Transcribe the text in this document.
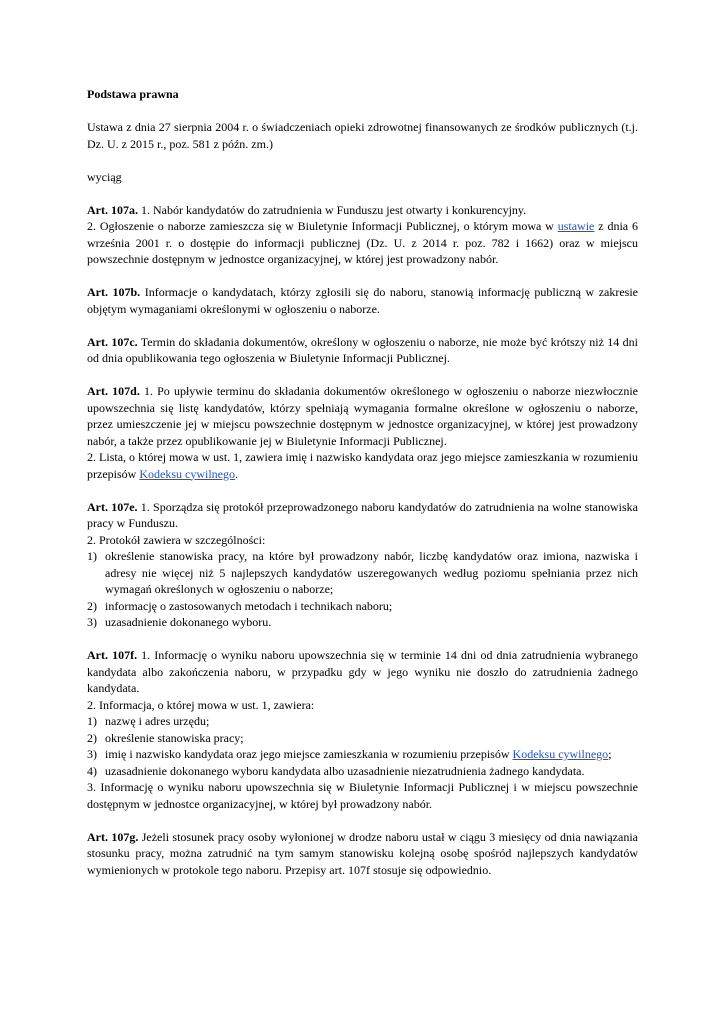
Podstawa prawna

Ustawa z dnia 27 sierpnia 2004 r. o świadczeniach opieki zdrowotnej finansowanych ze środków publicznych (t.j. Dz. U. z 2015 r., poz. 581 z późn. zm.)

wyciąg

Art. 107a. 1. Nabór kandydatów do zatrudnienia w Funduszu jest otwarty i konkurencyjny.

2. Ogłoszenie o naborze zamieszcza się w Biuletynie Informacji Publicznej, o którym mowa w ustawie z dnia 6 września 2001 r. o dostępie do informacji publicznej (Dz. U. z 2014 r. poz. 782 i 1662) oraz w miejscu powszechnie dostępnym w jednostce organizacyjnej, w której jest prowadzony nabór.

Art. 107b. Informacje o kandydatach, którzy zgłosili się do naboru, stanowią informację publiczną w zakresie objętym wymaganiami określonymi w ogłoszeniu o naborze.

Art. 107c. Termin do składania dokumentów, określony w ogłoszeniu o naborze, nie może być krótszy niż 14 dni od dnia opublikowania tego ogłoszenia w Biuletynie Informacji Publicznej.

Art. 107d. 1. Po upływie terminu do składania dokumentów określonego w ogłoszeniu o naborze niezwłocznie upowszechnia się listę kandydatów, którzy spełniają wymagania formalne określone w ogłoszeniu o naborze, przez umieszczenie jej w miejscu powszechnie dostępnym w jednostce organizacyjnej, w której jest prowadzony nabór, a także przez opublikowanie jej w Biuletynie Informacji Publicznej.

2. Lista, o której mowa w ust. 1, zawiera imię i nazwisko kandydata oraz jego miejsce zamieszkania w rozumieniu przepisów Kodeksu cywilnego.

Art. 107e. 1. Sporządza się protokół przeprowadzonego naboru kandydatów do zatrudnienia na wolne stanowiska pracy w Funduszu.

2. Protokół zawiera w szczególności:

1) określenie stanowiska pracy, na które był prowadzony nabór, liczbę kandydatów oraz imiona, nazwiska i adresy nie więcej niż 5 najlepszych kandydatów uszeregowanych według poziomu spełniania przez nich wymagań określonych w ogłoszeniu o naborze;
2) informację o zastosowanych metodach i technikach naboru;
3) uzasadnienie dokonanego wyboru.

Art. 107f. 1. Informację o wyniku naboru upowszechnia się w terminie 14 dni od dnia zatrudnienia wybranego kandydata albo zakończenia naboru, w przypadku gdy w jego wyniku nie doszło do zatrudnienia żadnego kandydata.

2. Informacja, o której mowa w ust. 1, zawiera:

1) nazwę i adres urzędu;
2) określenie stanowiska pracy;
3) imię i nazwisko kandydata oraz jego miejsce zamieszkania w rozumieniu przepisów Kodeksu cywilnego;
4) uzasadnienie dokonanego wyboru kandydata albo uzasadnienie niezatrudnienia żadnego kandydata.

3. Informację o wyniku naboru upowszechnia się w Biuletynie Informacji Publicznej i w miejscu powszechnie dostępnym w jednostce organizacyjnej, w której był prowadzony nabór.

Art. 107g. Jeżeli stosunek pracy osoby wyłonionej w drodze naboru ustał w ciągu 3 miesięcy od dnia nawiązania stosunku pracy, można zatrudnić na tym samym stanowisku kolejną osobę spośród najlepszych kandydatów wymienionych w protokole tego naboru. Przepisy art. 107f stosuje się odpowiednio.
